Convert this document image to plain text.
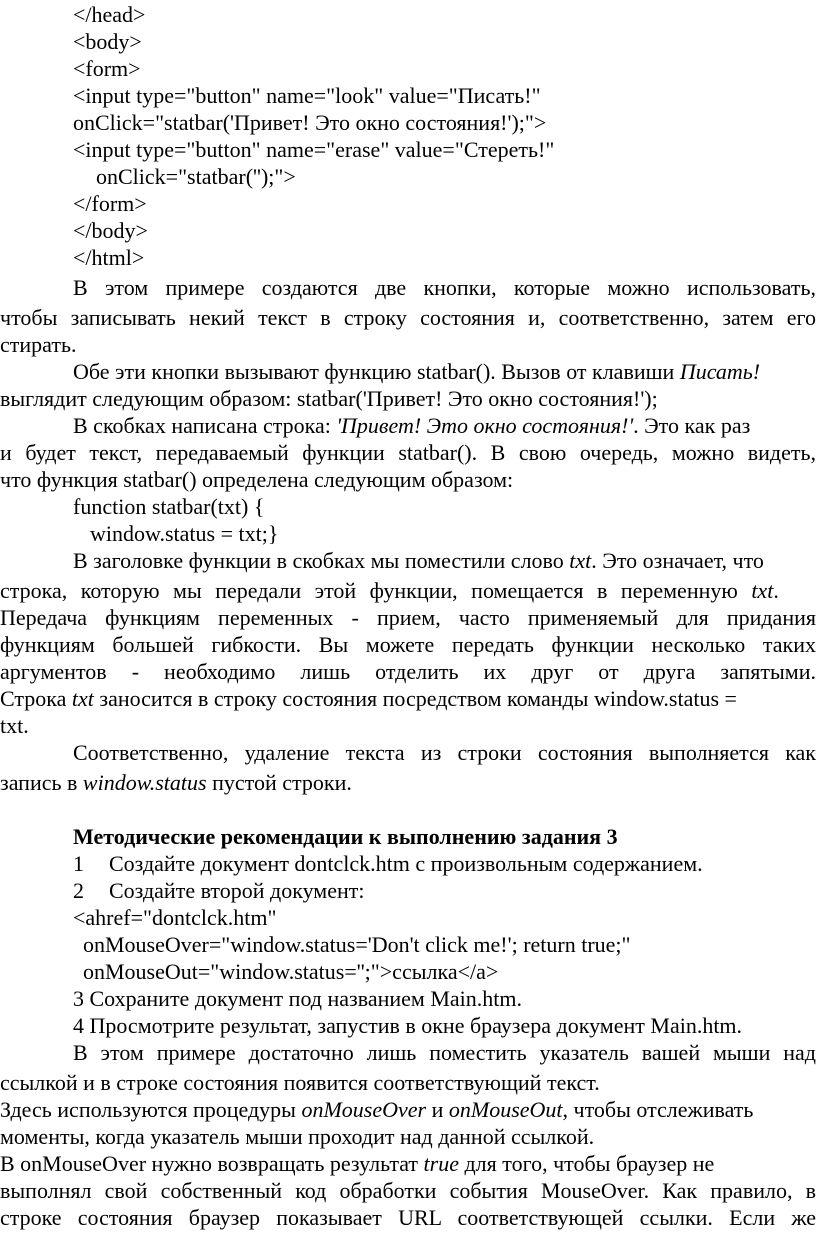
</head>
<body>
<form>
<input type="button" name="look" value="Писать!"
onClick="statbar('Привет! Это окно состояния!');">
<input type="button" name="erase" value="Стереть!"
onClick="statbar('');">
</form>
</body>
</html>
В этом примере создаются две кнопки, которые можно использовать,
чтобы записывать некий текст в строку состояния и, соответственно, затем его
стирать.
Обе эти кнопки вызывают функцию statbar(). Вызов от клавиши Писать!
выглядит следующим образом: statbar('Привет! Это окно состояния!');
В скобках написана строка: 'Привет! Это окно состояния!'. Это как раз
и будет текст, передаваемый функции statbar(). В свою очередь, можно видеть,
что функция statbar() определена следующим образом:
function statbar(txt) {
window.status = txt;}
В заголовке функции в скобках мы поместили слово txt. Это означает, что
строка, которую мы передали этой функции, помещается в переменную txt.
Передача функциям переменных - прием, часто применяемый для придания
функциям большей гибкости. Вы можете передать функции несколько таких
аргументов - необходимо лишь отделить их друг от друга запятыми.
Строка txt заносится в строку состояния посредством команды window.status =
txt.
Соответственно, удаление текста из строки состояния выполняется как
запись в window.status пустой строки.
Методические рекомендации к выполнению задания 3
1 Создайте документ dontclck.htm с произвольным содержанием.
2 Создайте второй документ:
<ahref="dontclck.htm"
onMouseOver="window.status='Don't click me!'; return true;"
onMouseOut="window.status='';">ссылка</a>
3 Сохраните документ под названием Main.htm.
4 Просмотрите результат, запустив в окне браузера документ Main.htm.
В этом примере достаточно лишь поместить указатель вашей мыши над
ссылкой и в строке состояния появится соответствующий текст.
Здесь используются процедуры onMouseOver и onMouseOut, чтобы отслеживать
моменты, когда указатель мыши проходит над данной ссылкой.
В onMouseOver нужно возвращать результат true для того, чтобы браузер не
выполнял свой собственный код обработки события MouseOver. Как правило, в
строке состояния браузер показывает URL соответствующей ссылки. Если же
